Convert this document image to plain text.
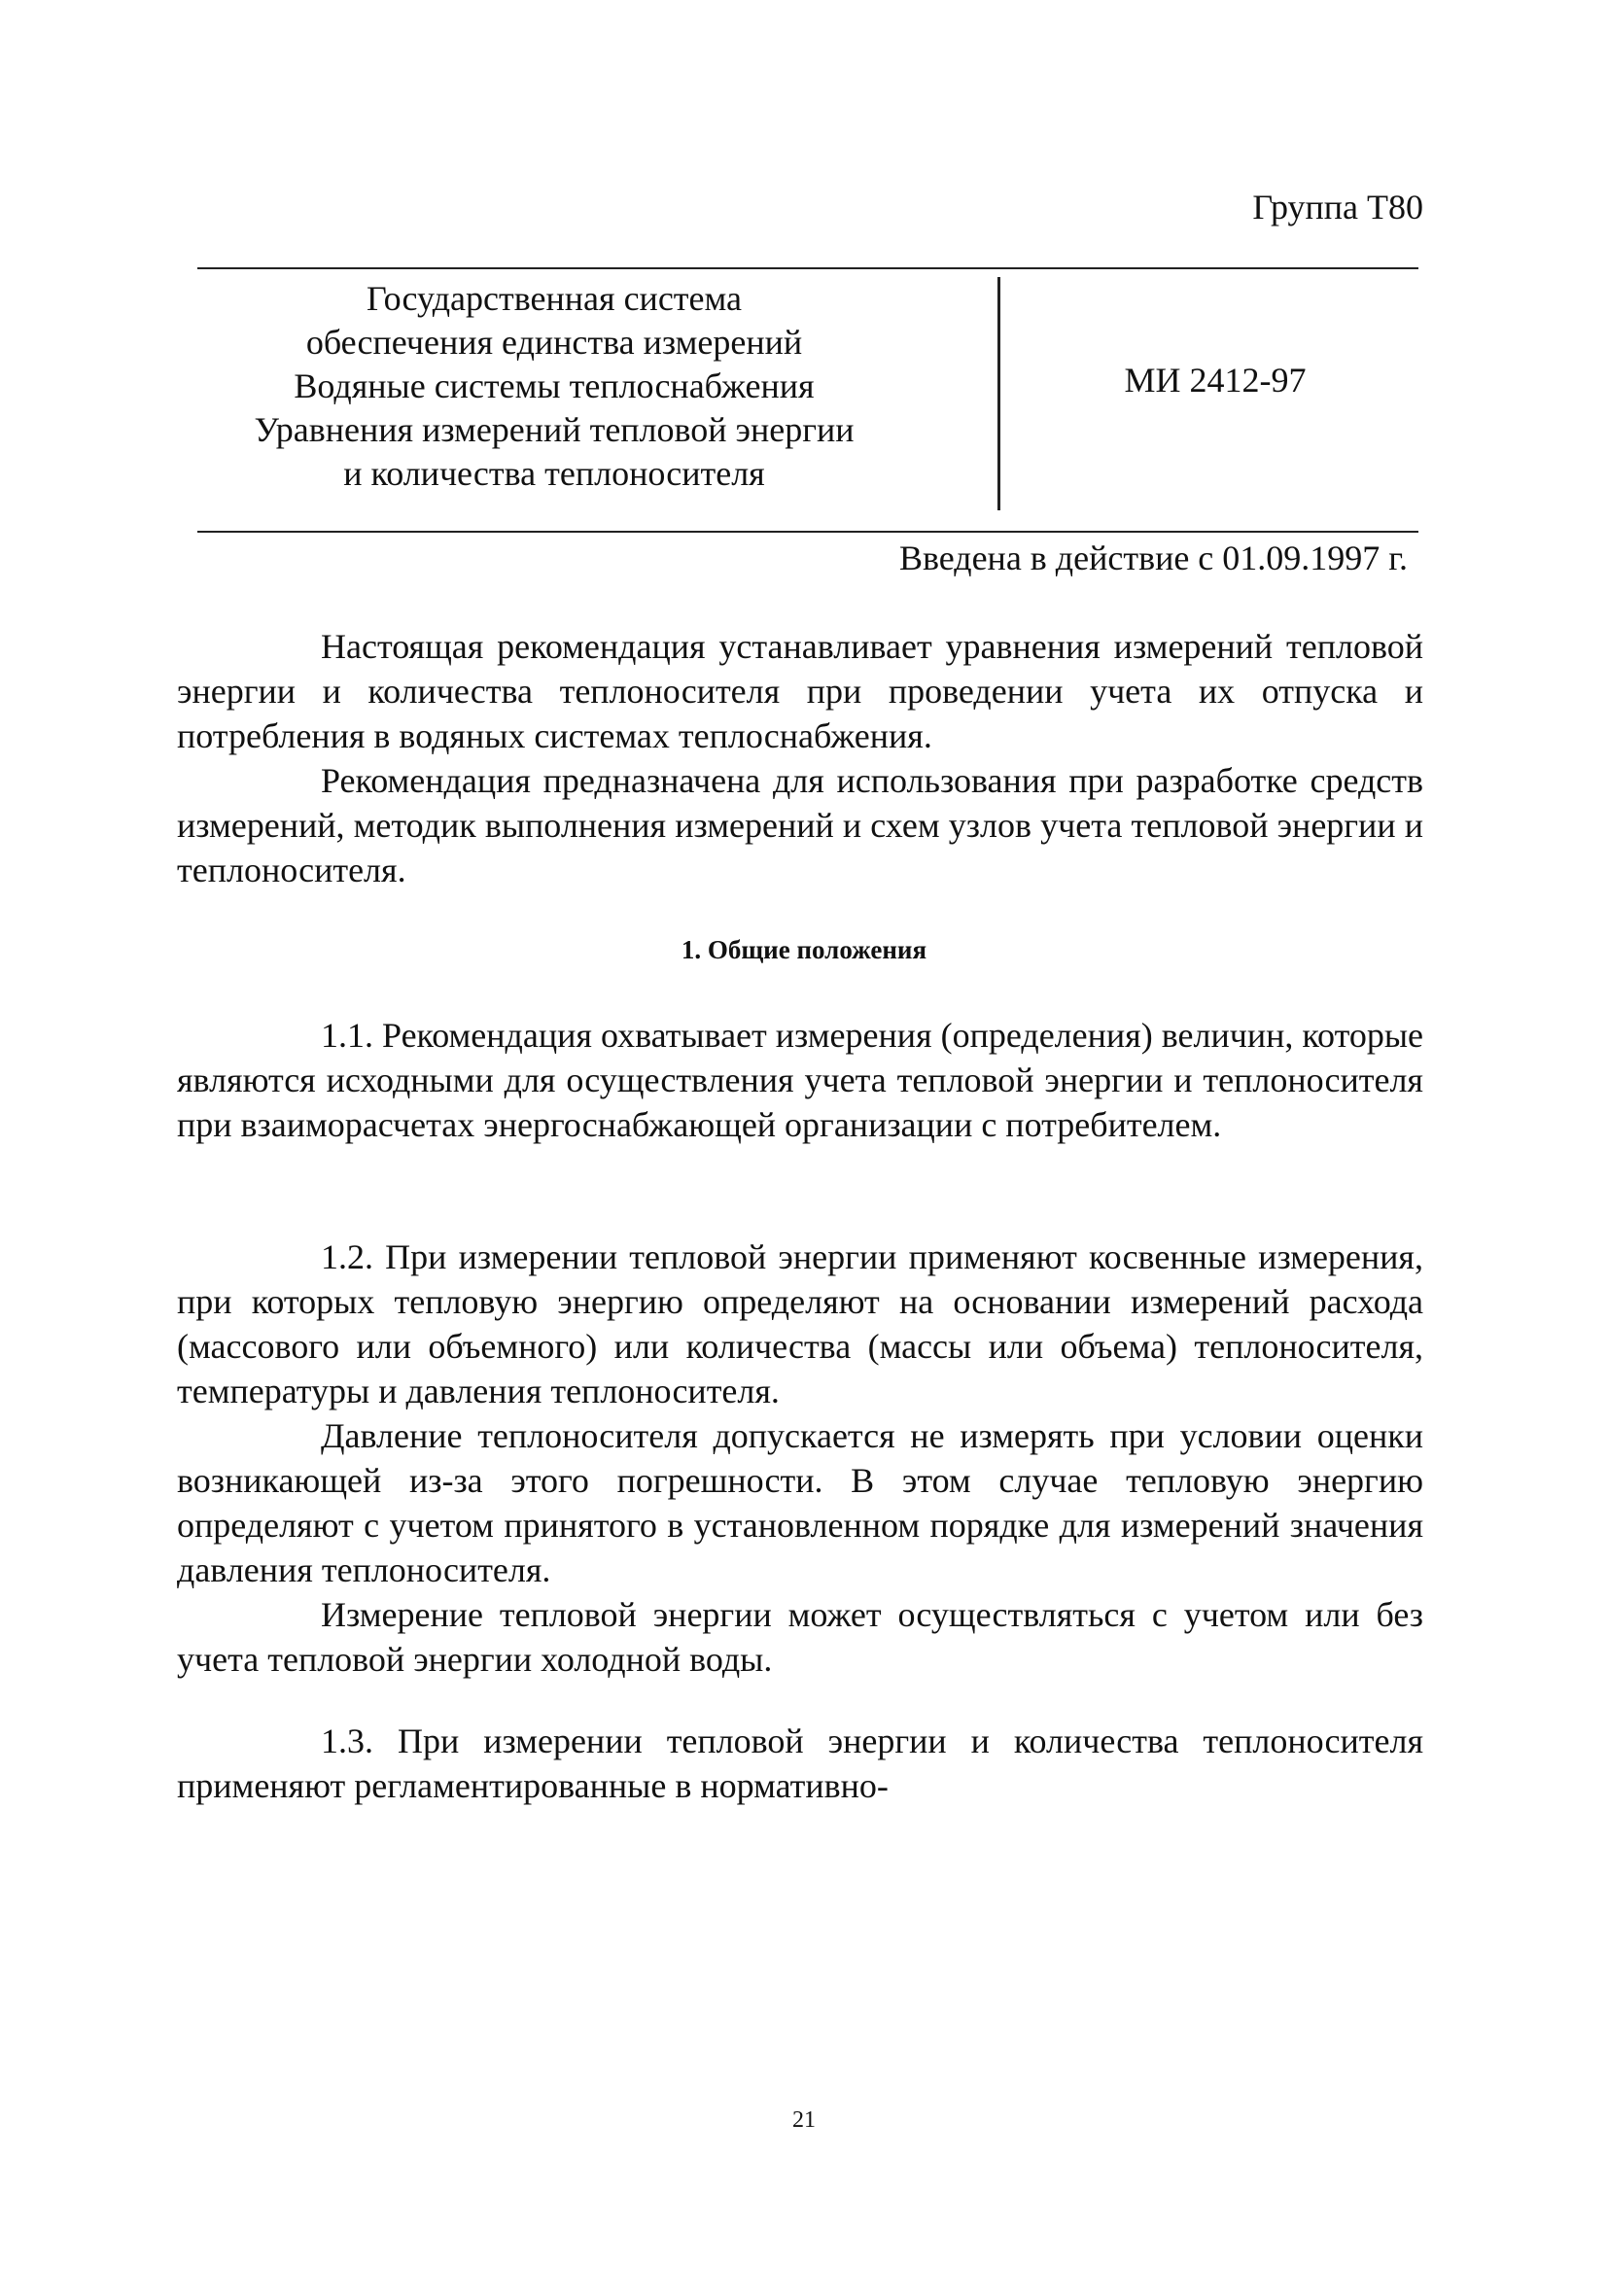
Группа Т80
Государственная система
обеспечения единства измерений
Водяные системы теплоснабжения
Уравнения измерений тепловой энергии
и количества теплоносителя
МИ 2412-97
Введена в действие с 01.09.1997 г.

Настоящая рекомендация устанавливает уравнения измерений тепловой энергии и количества теплоносителя при проведении учета их отпуска и потребления в водяных системах теплоснабжения.

Рекомендация предназначена для использования при разработке средств измерений, методик выполнения измерений и схем узлов учета тепловой энергии и теплоносителя.

1. Общие положения

1.1. Рекомендация охватывает измерения (определения) величин, которые являются исходными для осуществления учета тепловой энергии и теплоносителя при взаиморасчетах энергоснабжающей организации с потребителем.

1.2. При измерении тепловой энергии применяют косвенные измерения, при которых тепловую энергию определяют на основании измерений расхода (массового или объемного) или количества (массы или объема) теплоносителя, температуры и давления теплоносителя.

Давление теплоносителя допускается не измерять при условии оценки возникающей из-за этого погрешности. В этом случае тепловую энергию определяют с учетом принятого в установленном порядке для измерений значения давления теплоносителя.

Измерение тепловой энергии может осуществляться с учетом или без учета тепловой энергии холодной воды.

1.3. При измерении тепловой энергии и количества теплоносителя применяют регламентированные в нормативно-

21
